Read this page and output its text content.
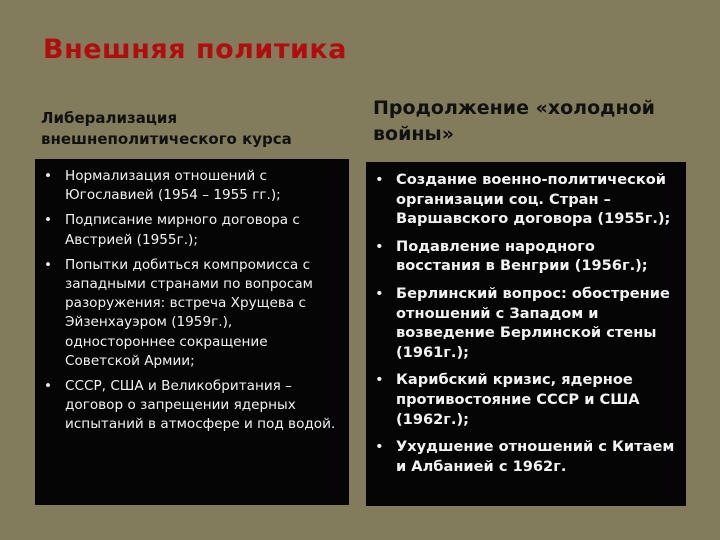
Внешняя политика
Либерализация внешнеполитического курса
Продолжение «холодной войны»
• Нормализация отношений с Югославией (1954 – 1955 гг.);
• Подписание мирного договора с Австрией (1955г.);
• Попытки добиться компромисса с западными странами по вопросам разоружения: встреча Хрущева с Эйзенхауэром (1959г.), одностороннее сокращение Советской Армии;
• СССР, США и Великобритания – договор о запрещении ядерных испытаний в атмосфере и под водой.
• Создание военно-политической организации соц. Стран – Варшавского договора (1955г.);
• Подавление народного восстания в Венгрии (1956г.);
• Берлинский вопрос: обострение отношений с Западом и возведение Берлинской стены (1961г.);
• Карибский кризис, ядерное противостояние СССР и США (1962г.);
• Ухудшение отношений с Китаем и Албанией с 1962г.
